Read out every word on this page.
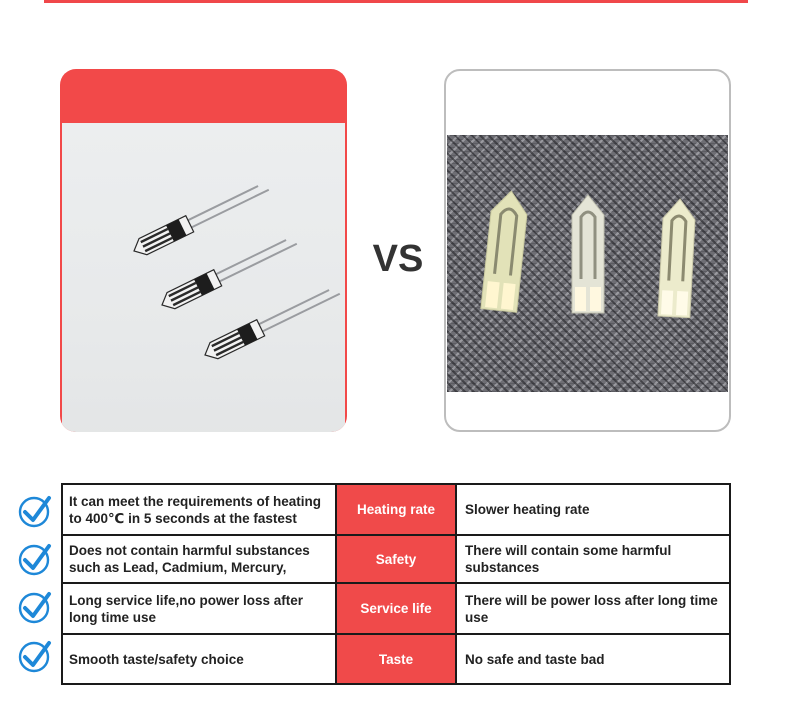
VS
It can meet the requirements of heating to 400℃ in 5 seconds at the fastest	Heating rate	Slower heating rate
Does not contain harmful substances such as Lead, Cadmium, Mercury,	Safety	There will contain some harmful substances
Long service life,no power loss after long time use	Service life	There will be power loss after long time use
Smooth taste/safety choice	Taste	No safe and taste bad
